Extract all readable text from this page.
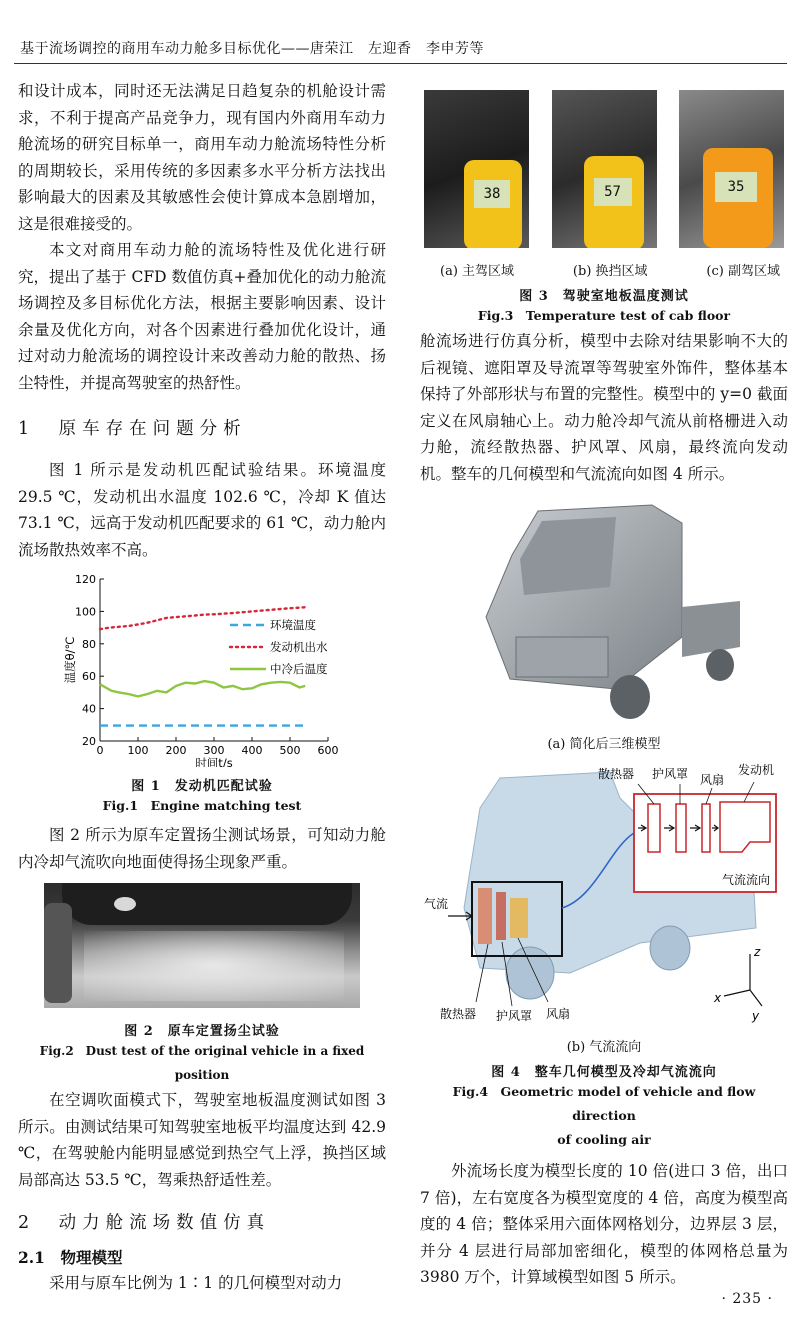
基于流场调控的商用车动力舱多目标优化——唐荣江　左迎香　李申芳等

和设计成本，同时还无法满足日趋复杂的机舱设计需求，不利于提高产品竞争力，现有国内外商用车动力舱流场的研究目标单一，商用车动力舱流场特性分析的周期较长，采用传统的多因素多水平分析方法找出影响最大的因素及其敏感性会使计算成本急剧增加，这是很难接受的。

本文对商用车动力舱的流场特性及优化进行研究，提出了基于 CFD 数值仿真+叠加优化的动力舱流场调控及多目标优化方法，根据主要影响因素、设计余量及优化方向，对各个因素进行叠加优化设计，通过对动力舱流场的调控设计来改善动力舱的散热、扬尘特性，并提高驾驶室的热舒性。

1　原车存在问题分析

图 1 所示是发动机匹配试验结果。环境温度 29.5 ℃，发动机出水温度 102.6 ℃，冷却 K 值达 73.1 ℃，远高于发动机匹配要求的 61 ℃，动力舱内流场散热效率不高。

0 100 200 300 400 500 600
20
40
60
80
100
120
时间t/s
温度θ/℃
环境温度
发动机出水
中冷后温度
图 1　发动机匹配试验
Fig.1　Engine matching test

图 2 所示为原车定置扬尘测试场景，可知动力舱内冷却气流吹向地面使得扬尘现象严重。

图 2　原车定置扬尘试验
Fig.2　Dust test of the original vehicle in a fixed position

在空调吹面模式下，驾驶室地板温度测试如图 3 所示。由测试结果可知驾驶室地板平均温度达到 42.9 ℃，在驾驶舱内能明显感觉到热空气上浮，换挡区域局部高达 53.5 ℃，驾乘热舒适性差。

2　动力舱流场数值仿真
2.1　物理模型

采用与原车比例为 1∶1 的几何模型对动力

38	57	35
(a) 主驾区域	(b) 换挡区域	(c) 副驾区域
图 3　驾驶室地板温度测试
Fig.3　Temperature test of cab floor

舱流场进行仿真分析，模型中去除对结果影响不大的后视镜、遮阳罩及导流罩等驾驶室外饰件，整体基本保持了外部形状与布置的完整性。模型中的 y=0 截面定义在风扇轴心上。动力舱冷却气流从前格栅进入动力舱，流经散热器、护风罩、风扇，最终流向发动机。整车的几何模型和气流流向如图 4 所示。

(a) 简化后三维模型
散热器 护风罩 风扇
发动机
气流流向
气流
散热器 护风罩 风扇
z
x
y
(b) 气流流向
图 4　整车几何模型及冷却气流流向
Fig.4　Geometric model of vehicle and flow direction
of cooling air

外流场长度为模型长度的 10 倍(进口 3 倍，出口 7 倍)，左右宽度各为模型宽度的 4 倍，高度为模型高度的 4 倍；整体采用六面体网格划分，边界层 3 层，并分 4 层进行局部加密细化，模型的体网格总量为 3980 万个，计算域模型如图 5 所示。

· 235 ·
